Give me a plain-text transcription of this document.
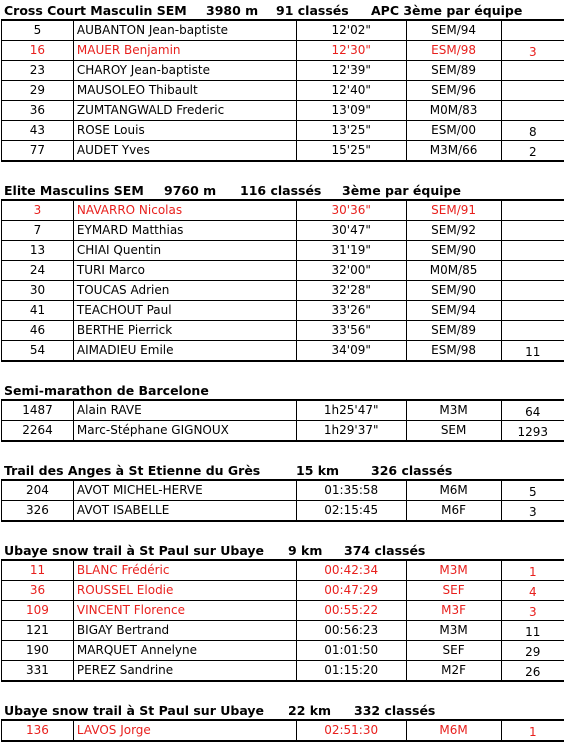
Cross Court Masculin SEM 3980 m 91 classés APC 3ème par équipe
5	AUBANTON Jean-baptiste	12'02"	SEM/94	
16	MAUER Benjamin	12'30"	ESM/98	3
23	CHAROY Jean-baptiste	12'39"	SEM/89	
29	MAUSOLEO Thibault	12'40"	SEM/96	
36	ZUMTANGWALD Frederic	13'09"	M0M/83	
43	ROSE Louis	13'25"	ESM/00	8
77	AUDET Yves	15'25"	M3M/66	2
Elite Masculins SEM 9760 m 116 classés 3ème par équipe
3	NAVARRO Nicolas	30'36"	SEM/91	
7	EYMARD Matthias	30'47"	SEM/92	
13	CHIAI Quentin	31'19"	SEM/90	
24	TURI Marco	32'00"	M0M/85	
30	TOUCAS Adrien	32'28"	SEM/90	
41	TEACHOUT Paul	33'26"	SEM/94	
46	BERTHE Pierrick	33'56"	SEM/89	
54	AIMADIEU Emile	34'09"	ESM/98	11
Semi-marathon de Barcelone
1487	Alain RAVE	1h25'47"	M3M	64
2264	Marc-Stéphane GIGNOUX	1h29'37"	SEM	1293
Trail des Anges à St Etienne du Grès	15 km	326 classés
204	AVOT MICHEL-HERVE	01:35:58	M6M	5
326	AVOT ISABELLE	02:15:45	M6F	3
Ubaye snow trail à St Paul sur Ubaye 9 km 374 classés
11	BLANC Frédéric	00:42:34	M3M	1
36	ROUSSEL Elodie	00:47:29	SEF	4
109	VINCENT Florence	00:55:22	M3F	3
121	BIGAY Bertrand	00:56:23	M3M	11
190	MARQUET Annelyne	01:01:50	SEF	29
331	PEREZ Sandrine	01:15:20	M2F	26
Ubaye snow trail à St Paul sur Ubaye 22 km 332 classés
136	LAVOS Jorge	02:51:30	M6M	1
